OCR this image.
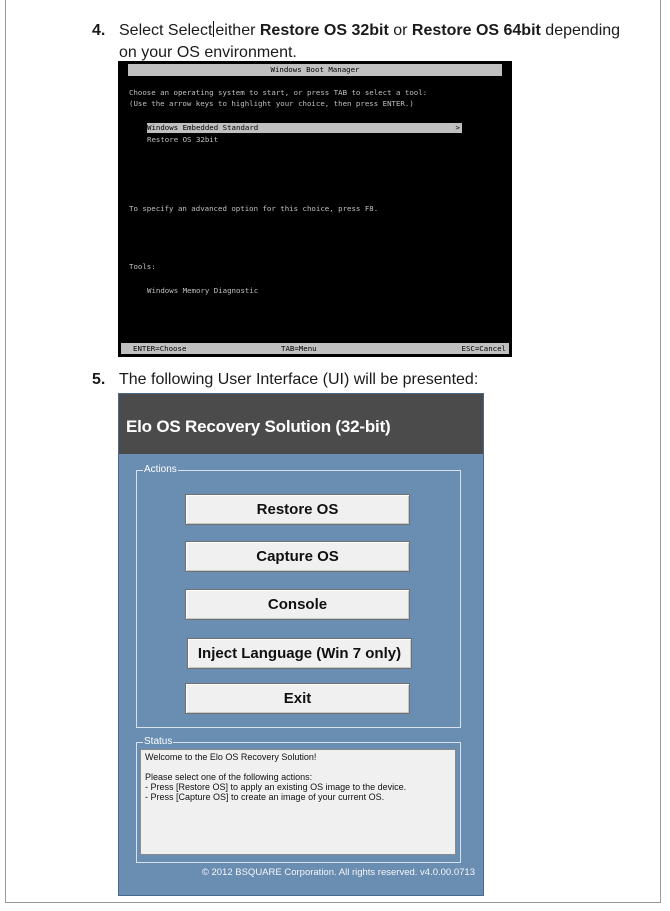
4. Select Select either Restore OS 32bit or Restore OS 64bit depending
on your OS environment.
Windows Boot Manager
Choose an operating system to start, or press TAB to select a tool:
(Use the arrow keys to highlight your choice, then press ENTER.)
Windows Embedded Standard	>
Restore OS 32bit
To specify an advanced option for this choice, press F8.
Tools:
Windows Memory Diagnostic
ENTER=Choose	TAB=Menu	ESC=Cancel
5. The following User Interface (UI) will be presented:
Elo OS Recovery Solution (32-bit)
Actions
Restore OS
Capture OS
Console
Inject Language (Win 7 only)
Exit
Status
Welcome to the Elo OS Recovery Solution!
Please select one of the following actions:
- Press [Restore OS] to apply an existing OS image to the device.
- Press [Capture OS] to create an image of your current OS.
© 2012 BSQUARE Corporation. All rights reserved. v4.0.00.0713
